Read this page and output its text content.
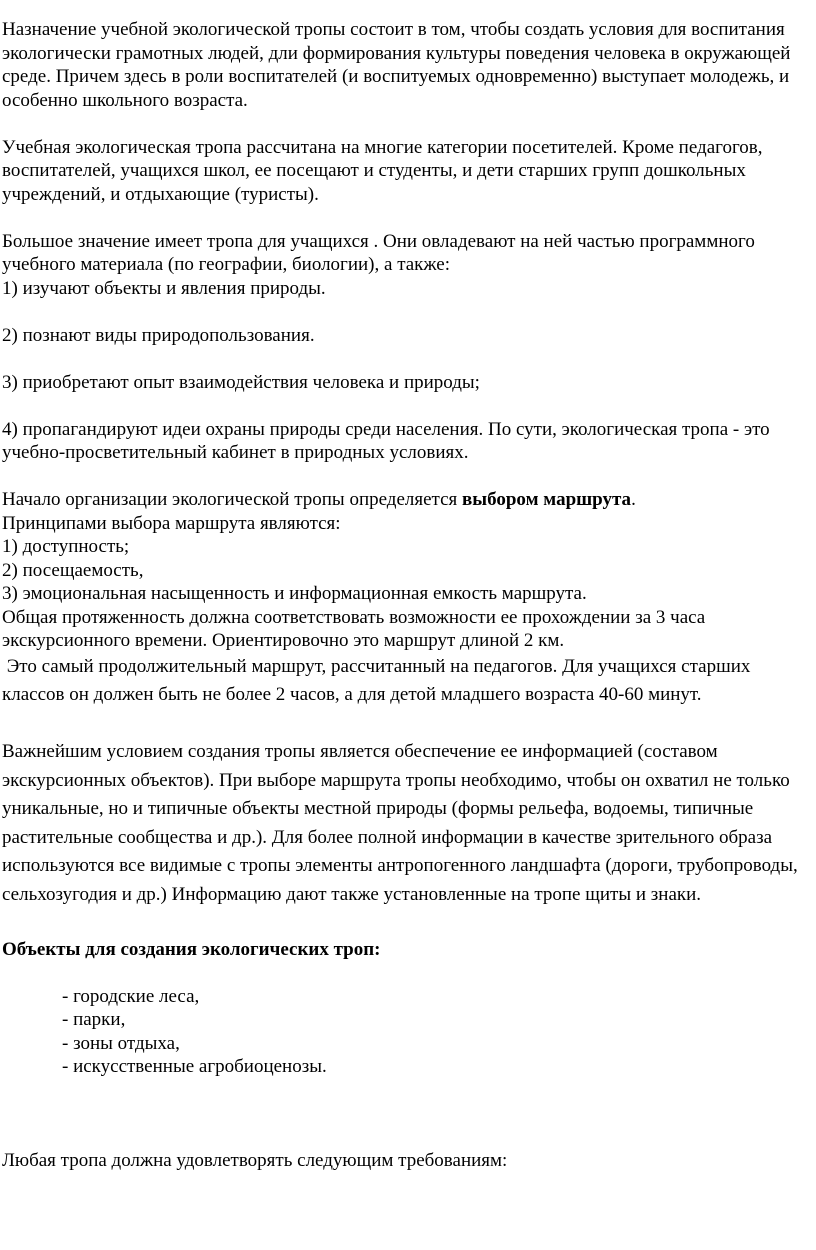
Назначение учебной экологической тропы состоит в том, чтобы создать условия для воспитания экологически грамотных людей, дли формирования культуры поведения человека в окружающей среде. Причем здесь в роли воспитателей (и воспитуемых одновременно) выступает молодежь, и особенно школьного возраста.

Учебная экологическая тропа рассчитана на многие категории посетителей. Кроме педагогов, воспитателей, учащихся школ, ее посещают и студенты, и дети старших групп дошкольных учреждений, и отдыхающие (туристы).

Большое значение имеет тропа для учащихся . Они овладевают на ней частью программного учебного материала (по географии, биологии), а также:

1) изучают объекты и явления природы.

2) познают виды природопользования.

3) приобретают опыт взаимодействия человека и природы;

4) пропагандируют идеи охраны природы среди населения. По сути, экологическая тропа - это учебно-просветительный кабинет в природных условиях.

Начало организации экологической тропы определяется выбором маршрута.

Принципами выбора маршрута являются:

1) доступность;

2) посещаемость,

3) эмоциональная насыщенность и информационная емкость маршрута.

Общая протяженность должна соответствовать возможности ее прохождении за 3 часа экскурсионного времени. Ориентировочно это маршрут длиной 2 км.

Это самый продолжительный маршрут, рассчитанный на педагогов. Для учащихся старших классов он должен быть не более 2 часов, а для детой младшего возраста 40-60 минут.

Важнейшим условием создания тропы является обеспечение ее информацией (составом экскурсионных объектов). При выборе маршрута тропы необходимо, чтобы он охватил не только уникальные, но и типичные объекты местной природы (формы рельефа, водоемы, типичные растительные сообщества и др.). Для более полной информации в качестве зрительного образа используются все видимые с тропы элементы антропогенного ландшафта (дороги, трубопроводы, сельхозугодия и др.) Информацию дают также установленные на тропе щиты и знаки.

Объекты для создания экологических троп:

- городские леса,

- парки,

- зоны отдыха,

- искусственные агробиоценозы.

Любая тропа должна удовлетворять следующим требованиям:
